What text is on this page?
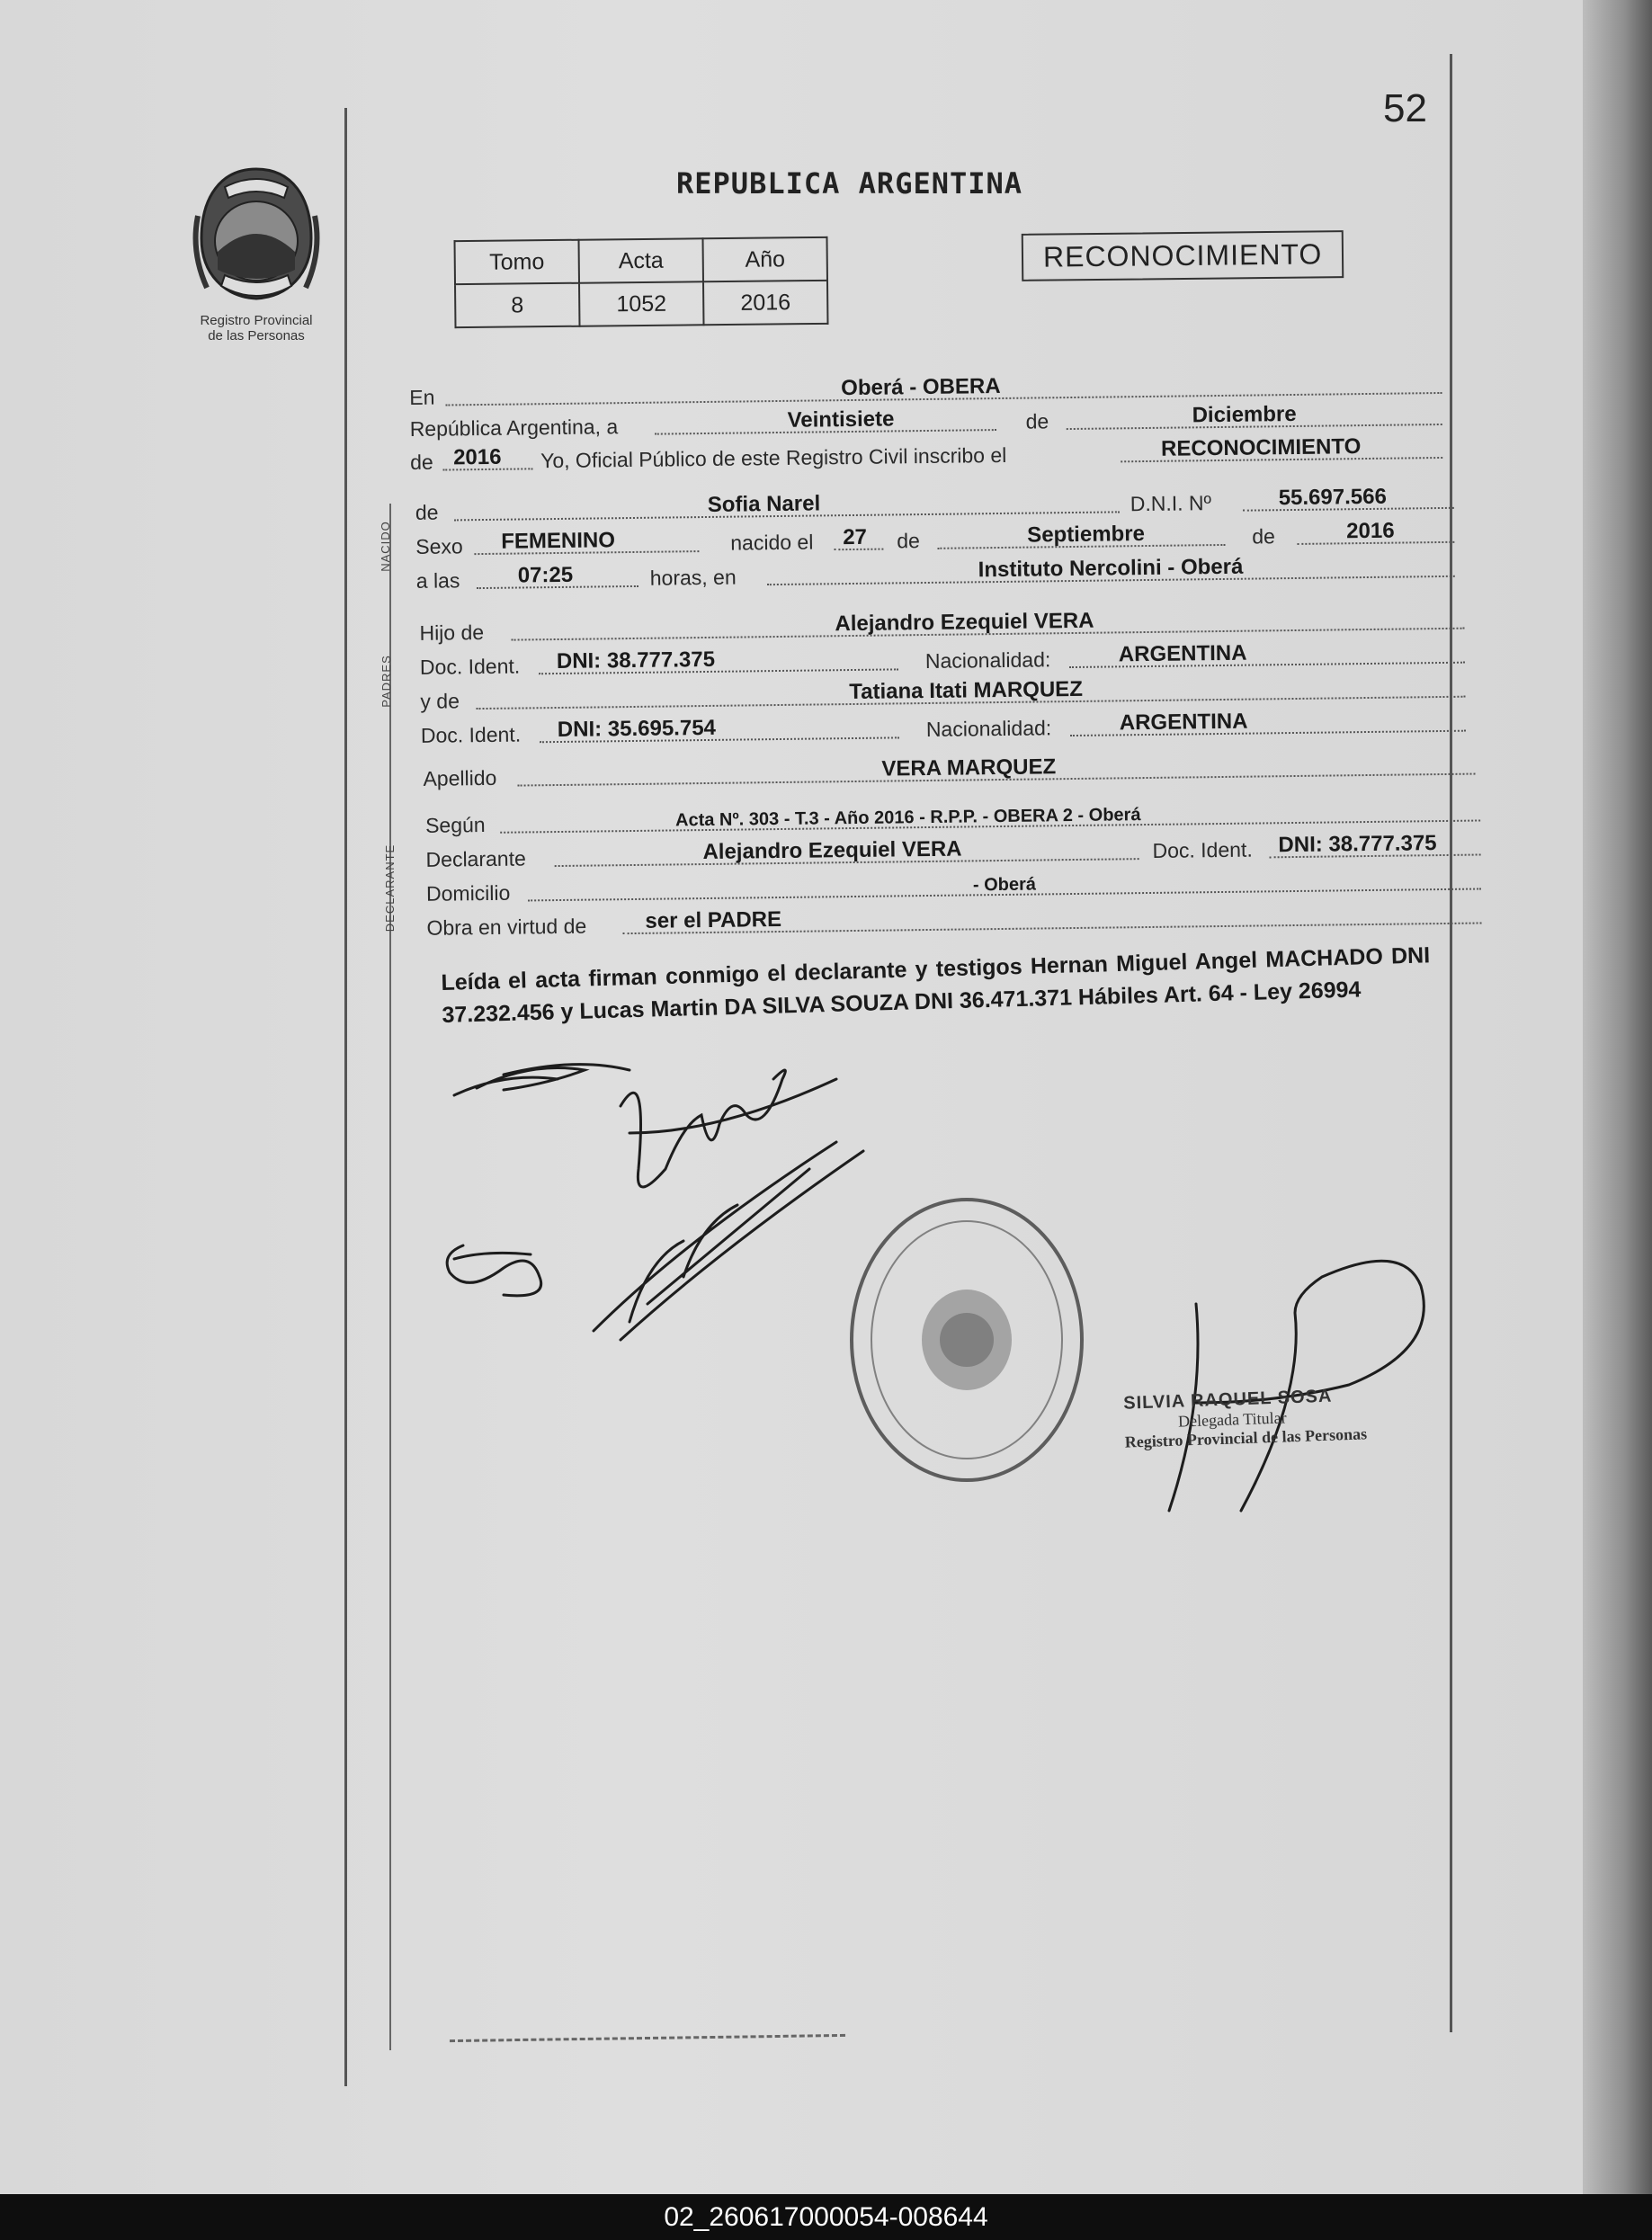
52
Registro Provincial
de las Personas
REPUBLICA ARGENTINA
Tomo	Acta	Año
8	1052	2016
RECONOCIMIENTO
En	Oberá - OBERA
República Argentina, a	Veintisiete	de	Diciembre
de 2016 Yo, Oficial Público de este Registro Civil inscribo el	RECONOCIMIENTO
de	Sofia Narel	D.N.I. Nº	55.697.566
Sexo FEMENINO	nacido el 27 de	Septiembre	de	2016
a las	07:25	horas, en	Instituto Nercolini - Oberá
Hijo de	Alejandro Ezequiel VERA
Doc. Ident. DNI: 38.777.375	Nacionalidad:	ARGENTINA
y de	Tatiana Itati MARQUEZ
Doc. Ident. DNI: 35.695.754	Nacionalidad:	ARGENTINA
Apellido	VERA MARQUEZ
Según	Acta Nº. 303 - T.3 - Año 2016 - R.P.P. - OBERA 2 - Oberá
Declarante	Alejandro Ezequiel VERA	Doc. Ident. DNI: 38.777.375
Domicilio	- Oberá
Obra en virtud de	ser el PADRE
NACIDO
PADRES
DECLARANTE
Leída el acta firman conmigo el declarante y testigos Hernan Miguel Angel MACHADO DNI 37.232.456 y Lucas Martin DA SILVA SOUZA DNI 36.471.371 Hábiles Art. 64 - Ley 26994
SILVIA RAQUEL SOSA
Delegada Titular
Registro Provincial de las Personas
02_260617000054-008644
